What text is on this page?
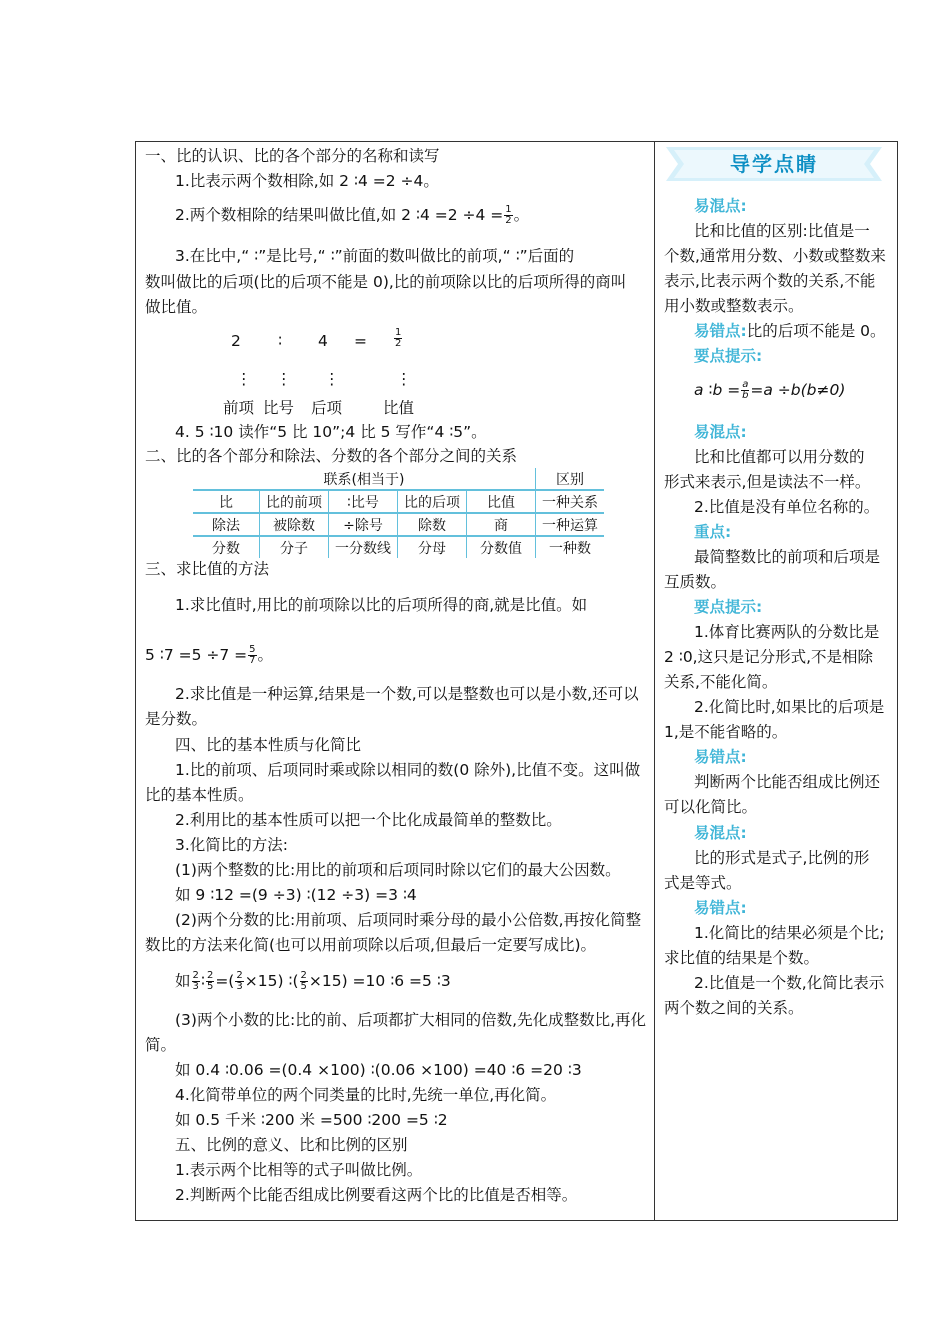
导学点睛
一、比的认识、比的各个部分的名称和读写
1.比表示两个数相除,如 2 ∶4 =2 ÷4。
2.两个数相除的结果叫做比值,如 2 ∶4 $=2 \div 4 = \frac{1}{2}$ 。
3.在比中,“ ∶”是比号,“ ∶”前面的数叫做比的前项,“ ∶”后面的
数叫做比的后项(比的后项不能是 0),比的前项除以比的后项所得的商叫
做比值。
2 ∶ 4 =	$\frac{1}{2}$
⋮ ⋮ ⋮	⋮
前项 比号 后项	比值
4. 5 ∶10 读作“5 比 10”;4 比 5 写作“4 ∶5”。
二、比的各个部分和除法、分数的各个部分之间的关系
联系(相当于)					区别
比	比的前项	∶比号	比的后项	比值	一种关系
除法	被除数	÷除号	除数	商	一种运算
分数	分子	一分数线	分母	分数值	一种数
三、求比值的方法
1.求比值时,用比的前项除以比的后项所得的商,就是比值。如
5 ∶7 $=5 \div 7 = \frac{5}{7}$ 。
2.求比值是一种运算,结果是一个数,可以是整数也可以是小数,还可以
是分数。
四、比的基本性质与化简比
1.比的前项、后项同时乘或除以相同的数(0 除外),比值不变。这叫做
比的基本性质。
2.利用比的基本性质可以把一个比化成最简单的整数比。
3.化简比的方法:
(1)两个整数的比:用比的前项和后项同时除以它们的最大公因数。
如 9 ∶12 =(9 ÷3) ∶(12 ÷3) =3 ∶4
(2)两个分数的比:用前项、后项同时乘分母的最小公倍数,再按化简整
数比的方法来化简(也可以用前项除以后项,但最后一定要写成比)。
如 $\frac{2}{3}$ ∶ $\frac{2}{5}$ =( $\frac{2}{3} \times 15$) ∶( $\frac{2}{5} \times 15) =10$ ∶6 =5 ∶3
(3)两个小数的比:比的前、后项都扩大相同的倍数,先化成整数比,再化
简。
如 0.4 ∶0.06 =(0.4 ×100) ∶(0.06 ×100) =40 ∶6 =20 ∶3
4.化简带单位的两个同类量的比时,先统一单位,再化简。
如 0.5 千米 ∶200 米 =500 ∶200 =5 ∶2
五、比例的意义、比和比例的区别
1.表示两个比相等的式子叫做比例。
2.判断两个比能否组成比例要看这两个比的比值是否相等。
易混点:
比和比值的区别:比值是一
个数,通常用分数、小数或整数来
表示,比表示两个数的关系,不能
用小数或整数表示。
易错点:比的后项不能是 0。
要点提示:
a ∶b = $\frac{a}{b} =a \div b(b\ne 0)$
易混点:
比和比值都可以用分数的
形式来表示,但是读法不一样。
2.比值是没有单位名称的。
重点:
最简整数比的前项和后项是
互质数。
要点提示:
1.体育比赛两队的分数比是
2 ∶0,这只是记分形式,不是相除
关系,不能化简。
2.化简比时,如果比的后项是
1,是不能省略的。
易错点:
判断两个比能否组成比例还
可以化简比。
易混点:
比的形式是式子,比例的形
式是等式。
易错点:
1.化简比的结果必须是个比;
求比值的结果是个数。
2.比值是一个数,化简比表示
两个数之间的关系。
